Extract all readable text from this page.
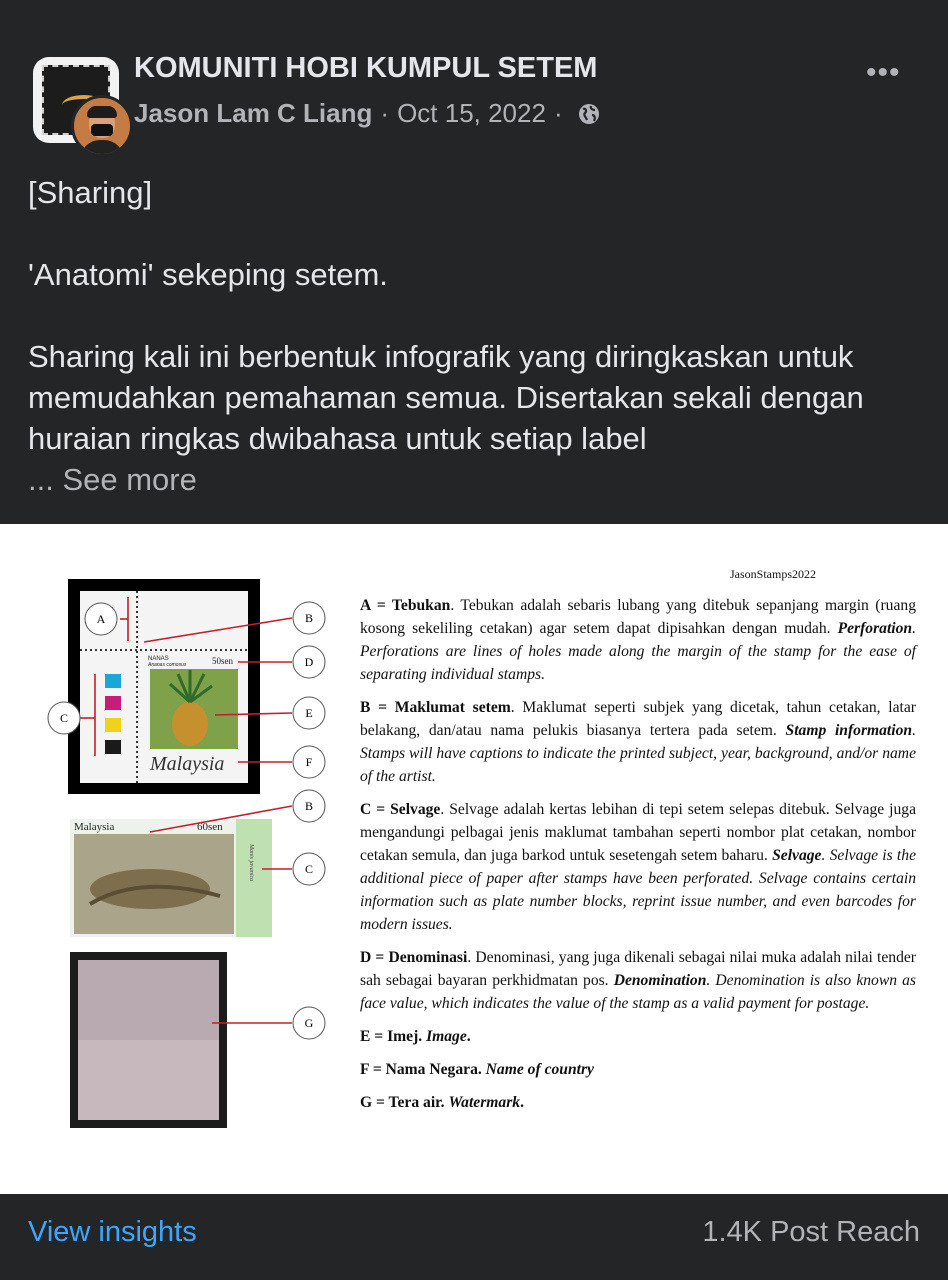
KOMUNITI HOBI KUMPUL SETEM
Jason Lam C Liang · Oct 15, 2022 ·
•••

[Sharing]

'Anatomi' sekeping setem.

Sharing kali ini berbentuk infografik yang diringkaskan untuk memudahkan pemahaman semua. Disertakan sekali dengan huraian ringkas dwibahasa untuk setiap label

... See more

JasonStamps2022
NANAS
Ananas comosus	50sen
Malaysia
Malaysia	60sen
Manis javanica
A	B
D
C	E
F
B
C
G

A = Tebukan. Tebukan adalah sebaris lubang yang ditebuk sepanjang margin (ruang kosong sekeliling cetakan) agar setem dapat dipisahkan dengan mudah. Perforation. Perforations are lines of holes made along the margin of the stamp for the ease of separating individual stamps.

B = Maklumat setem. Maklumat seperti subjek yang dicetak, tahun cetakan, latar belakang, dan/atau nama pelukis biasanya tertera pada setem. Stamp information. Stamps will have captions to indicate the printed subject, year, background, and/or name of the artist.

C = Selvage. Selvage adalah kertas lebihan di tepi setem selepas ditebuk. Selvage juga mengandungi pelbagai jenis maklumat tambahan seperti nombor plat cetakan, nombor cetakan semula, dan juga barkod untuk sesetengah setem baharu. Selvage. Selvage is the additional piece of paper after stamps have been perforated. Selvage contains certain information such as plate number blocks, reprint issue number, and even barcodes for modern issues.

D = Denominasi. Denominasi, yang juga dikenali sebagai nilai muka adalah nilai tender sah sebagai bayaran perkhidmatan pos. Denomination. Denomination is also known as face value, which indicates the value of the stamp as a valid payment for postage.

E = Imej. Image.

F = Nama Negara. Name of country

G = Tera air. Watermark.

View insights	1.4K Post Reach
